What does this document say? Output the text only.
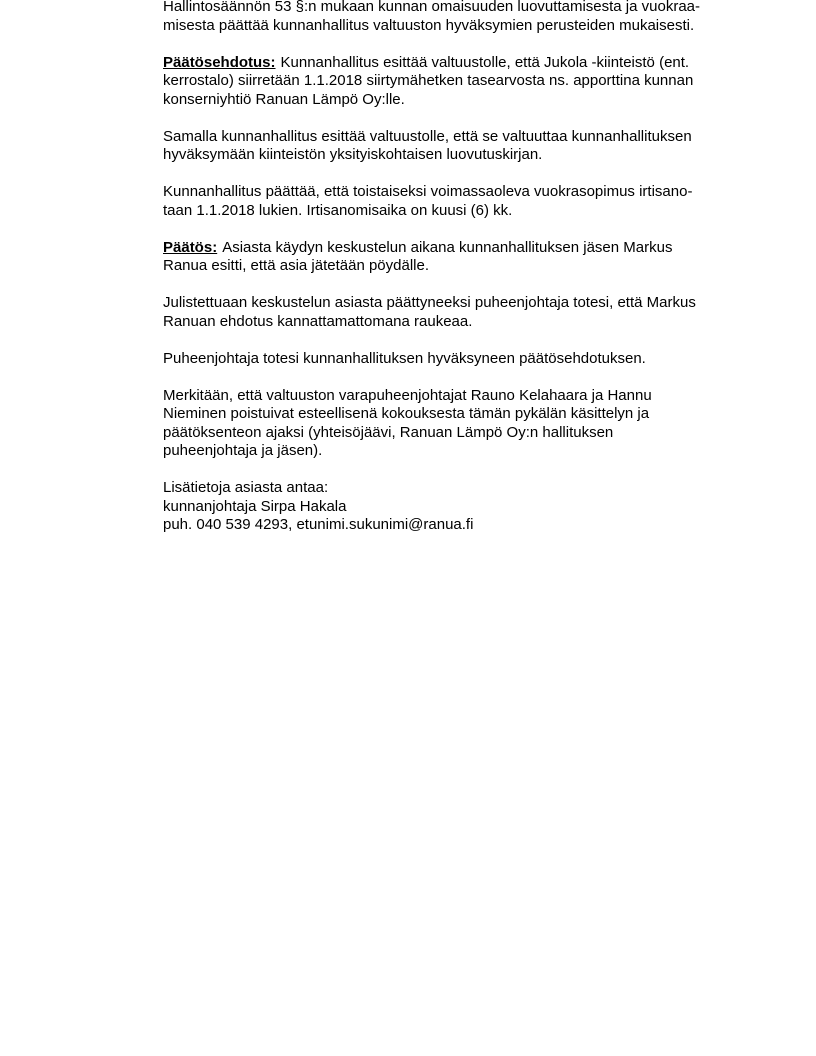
Hallintosäännön 53 §:n mukaan kunnan omaisuuden luovuttamisesta ja vuokraa-
misesta päättää kunnanhallitus valtuuston hyväksymien perusteiden mukaisesti.

Päätösehdotus: Kunnanhallitus esittää valtuustolle, että Jukola -kiinteistö (ent.
kerrostalo) siirretään 1.1.2018 siirtymähetken tasearvosta ns. apporttina kunnan
konserniyhtiö Ranuan Lämpö Oy:lle.

Samalla kunnanhallitus esittää valtuustolle, että se valtuuttaa kunnanhallituksen
hyväksymään kiinteistön yksityiskohtaisen luovutuskirjan.

Kunnanhallitus päättää, että toistaiseksi voimassaoleva vuokrasopimus irtisano-
taan 1.1.2018 lukien. Irtisanomisaika on kuusi (6) kk.

Päätös: Asiasta käydyn keskustelun aikana kunnanhallituksen jäsen Markus
Ranua esitti, että asia jätetään pöydälle.

Julistettuaan keskustelun asiasta päättyneeksi puheenjohtaja totesi, että Markus
Ranuan ehdotus kannattamattomana raukeaa.

Puheenjohtaja totesi kunnanhallituksen hyväksyneen päätösehdotuksen.

Merkitään, että valtuuston varapuheenjohtajat Rauno Kelahaara ja Hannu
Nieminen poistuivat esteellisenä kokouksesta tämän pykälän käsittelyn ja
päätöksenteon ajaksi (yhteisöjäävi, Ranuan Lämpö Oy:n hallituksen
puheenjohtaja ja jäsen).

Lisätietoja asiasta antaa:
kunnanjohtaja Sirpa Hakala
puh. 040 539 4293, etunimi.sukunimi@ranua.fi
